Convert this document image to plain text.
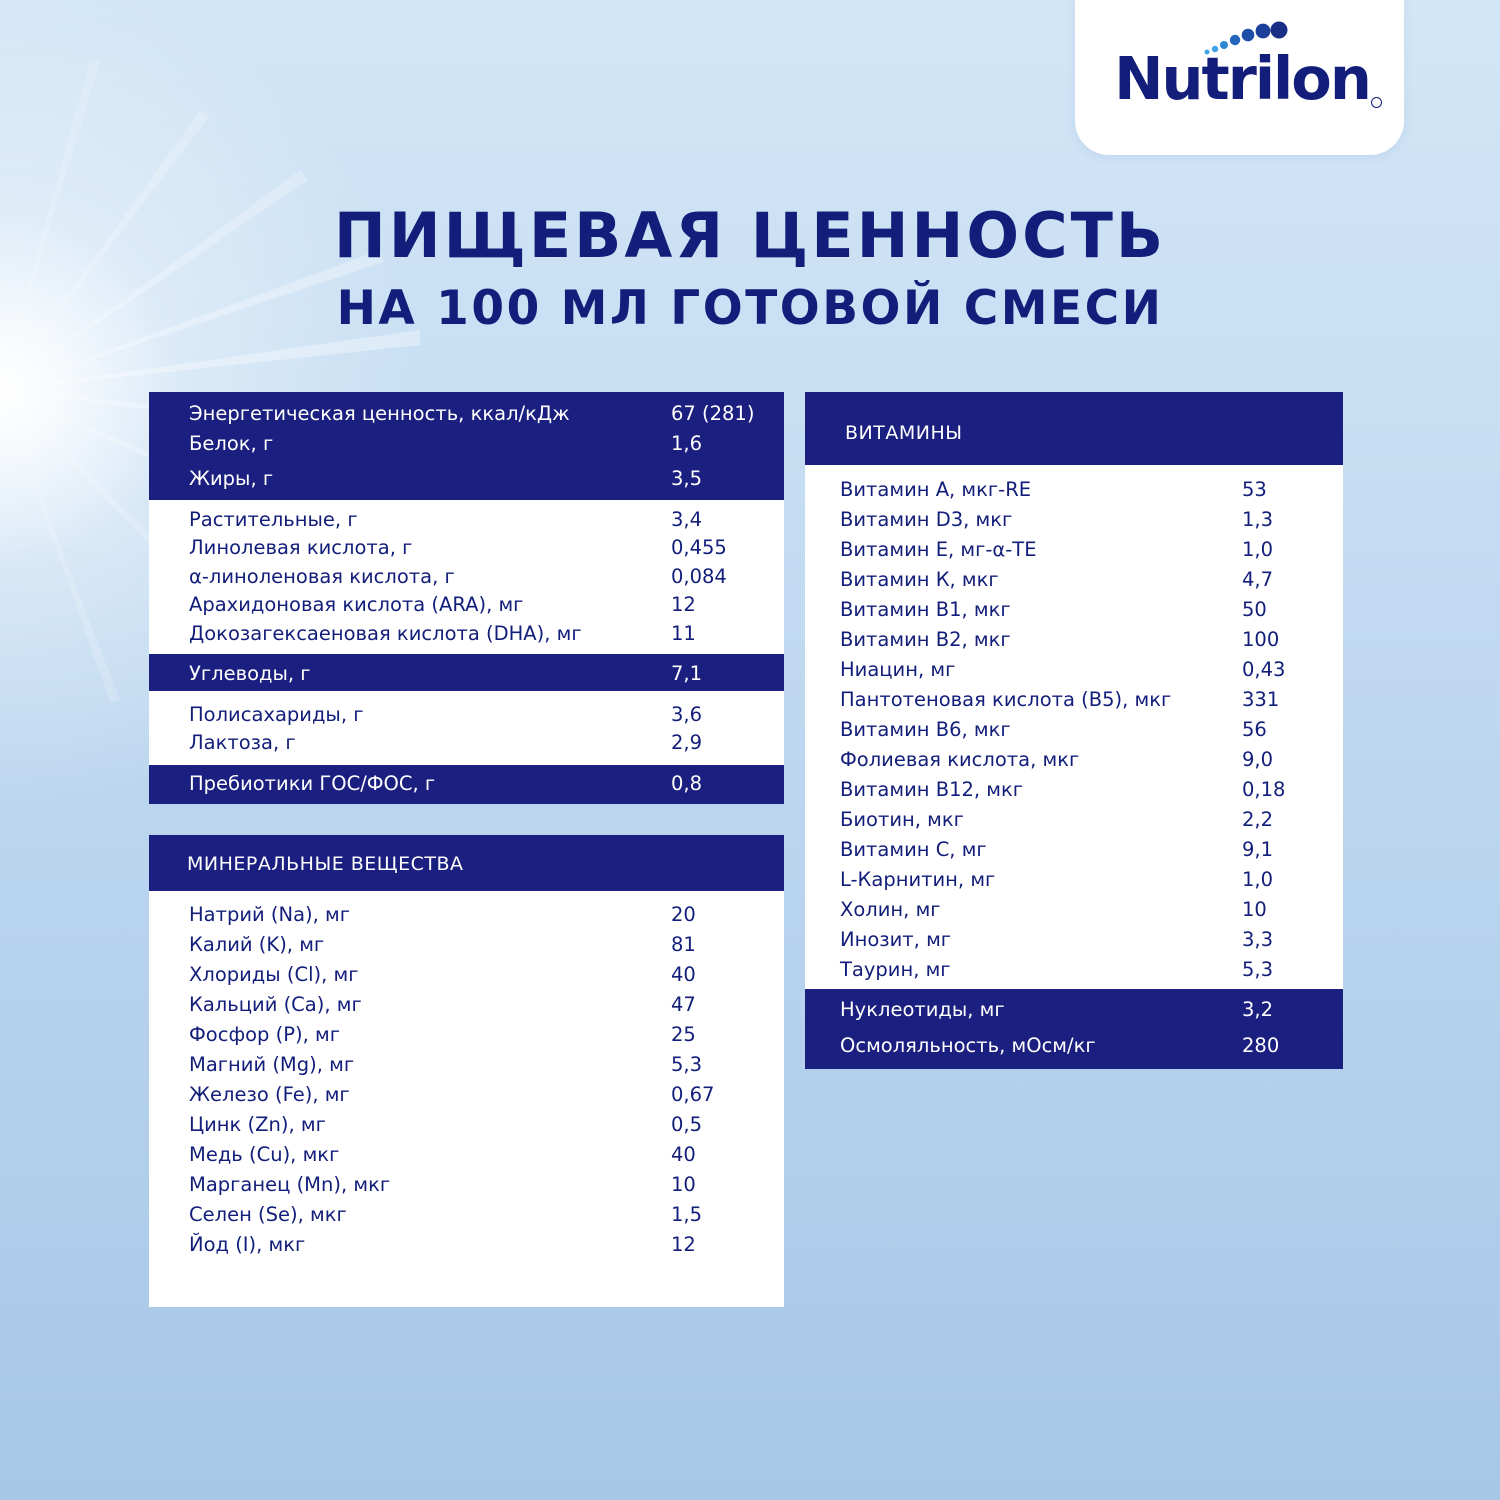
Nutrilon
ПИЩЕВАЯ ЦЕННОСТЬ
НА 100 МЛ ГОТОВОЙ СМЕСИ
Энергетическая ценность, ккал/кДж	67 (281)
Белок, г	1,6
Жиры, г	3,5
Растительные, г	3,4
Линолевая кислота, г	0,455
α-линоленовая кислота, г	0,084
Арахидоновая кислота (ARA), мг	12
Докозагексаеновая кислота (DHA), мг	11
Углеводы, г	7,1
Полисахариды, г	3,6
Лактоза, г	2,9
Пребиотики ГОС/ФОС, г	0,8
МИНЕРАЛЬНЫЕ ВЕЩЕСТВА
Натрий (Na), мг	20
Калий (K), мг	81
Хлориды (Cl), мг	40
Кальций (Ca), мг	47
Фосфор (P), мг	25
Магний (Mg), мг	5,3
Железо (Fe), мг	0,67
Цинк (Zn), мг	0,5
Медь (Cu), мкг	40
Марганец (Mn), мкг	10
Селен (Se), мкг	1,5
Йод (I), мкг	12
ВИТАМИНЫ
Витамин А, мкг-RE	53
Витамин D3, мкг	1,3
Витамин Е, мг-α-ТЕ	1,0
Витамин К, мкг	4,7
Витамин B1, мкг	50
Витамин B2, мкг	100
Ниацин, мг	0,43
Пантотеновая кислота (B5), мкг	331
Витамин B6, мкг	56
Фолиевая кислота, мкг	9,0
Витамин B12, мкг	0,18
Биотин, мкг	2,2
Витамин С, мг	9,1
L-Карнитин, мг	1,0
Холин, мг	10
Инозит, мг	3,3
Таурин, мг	5,3
Нуклеотиды, мг	3,2
Осмоляльность, мОсм/кг	280
